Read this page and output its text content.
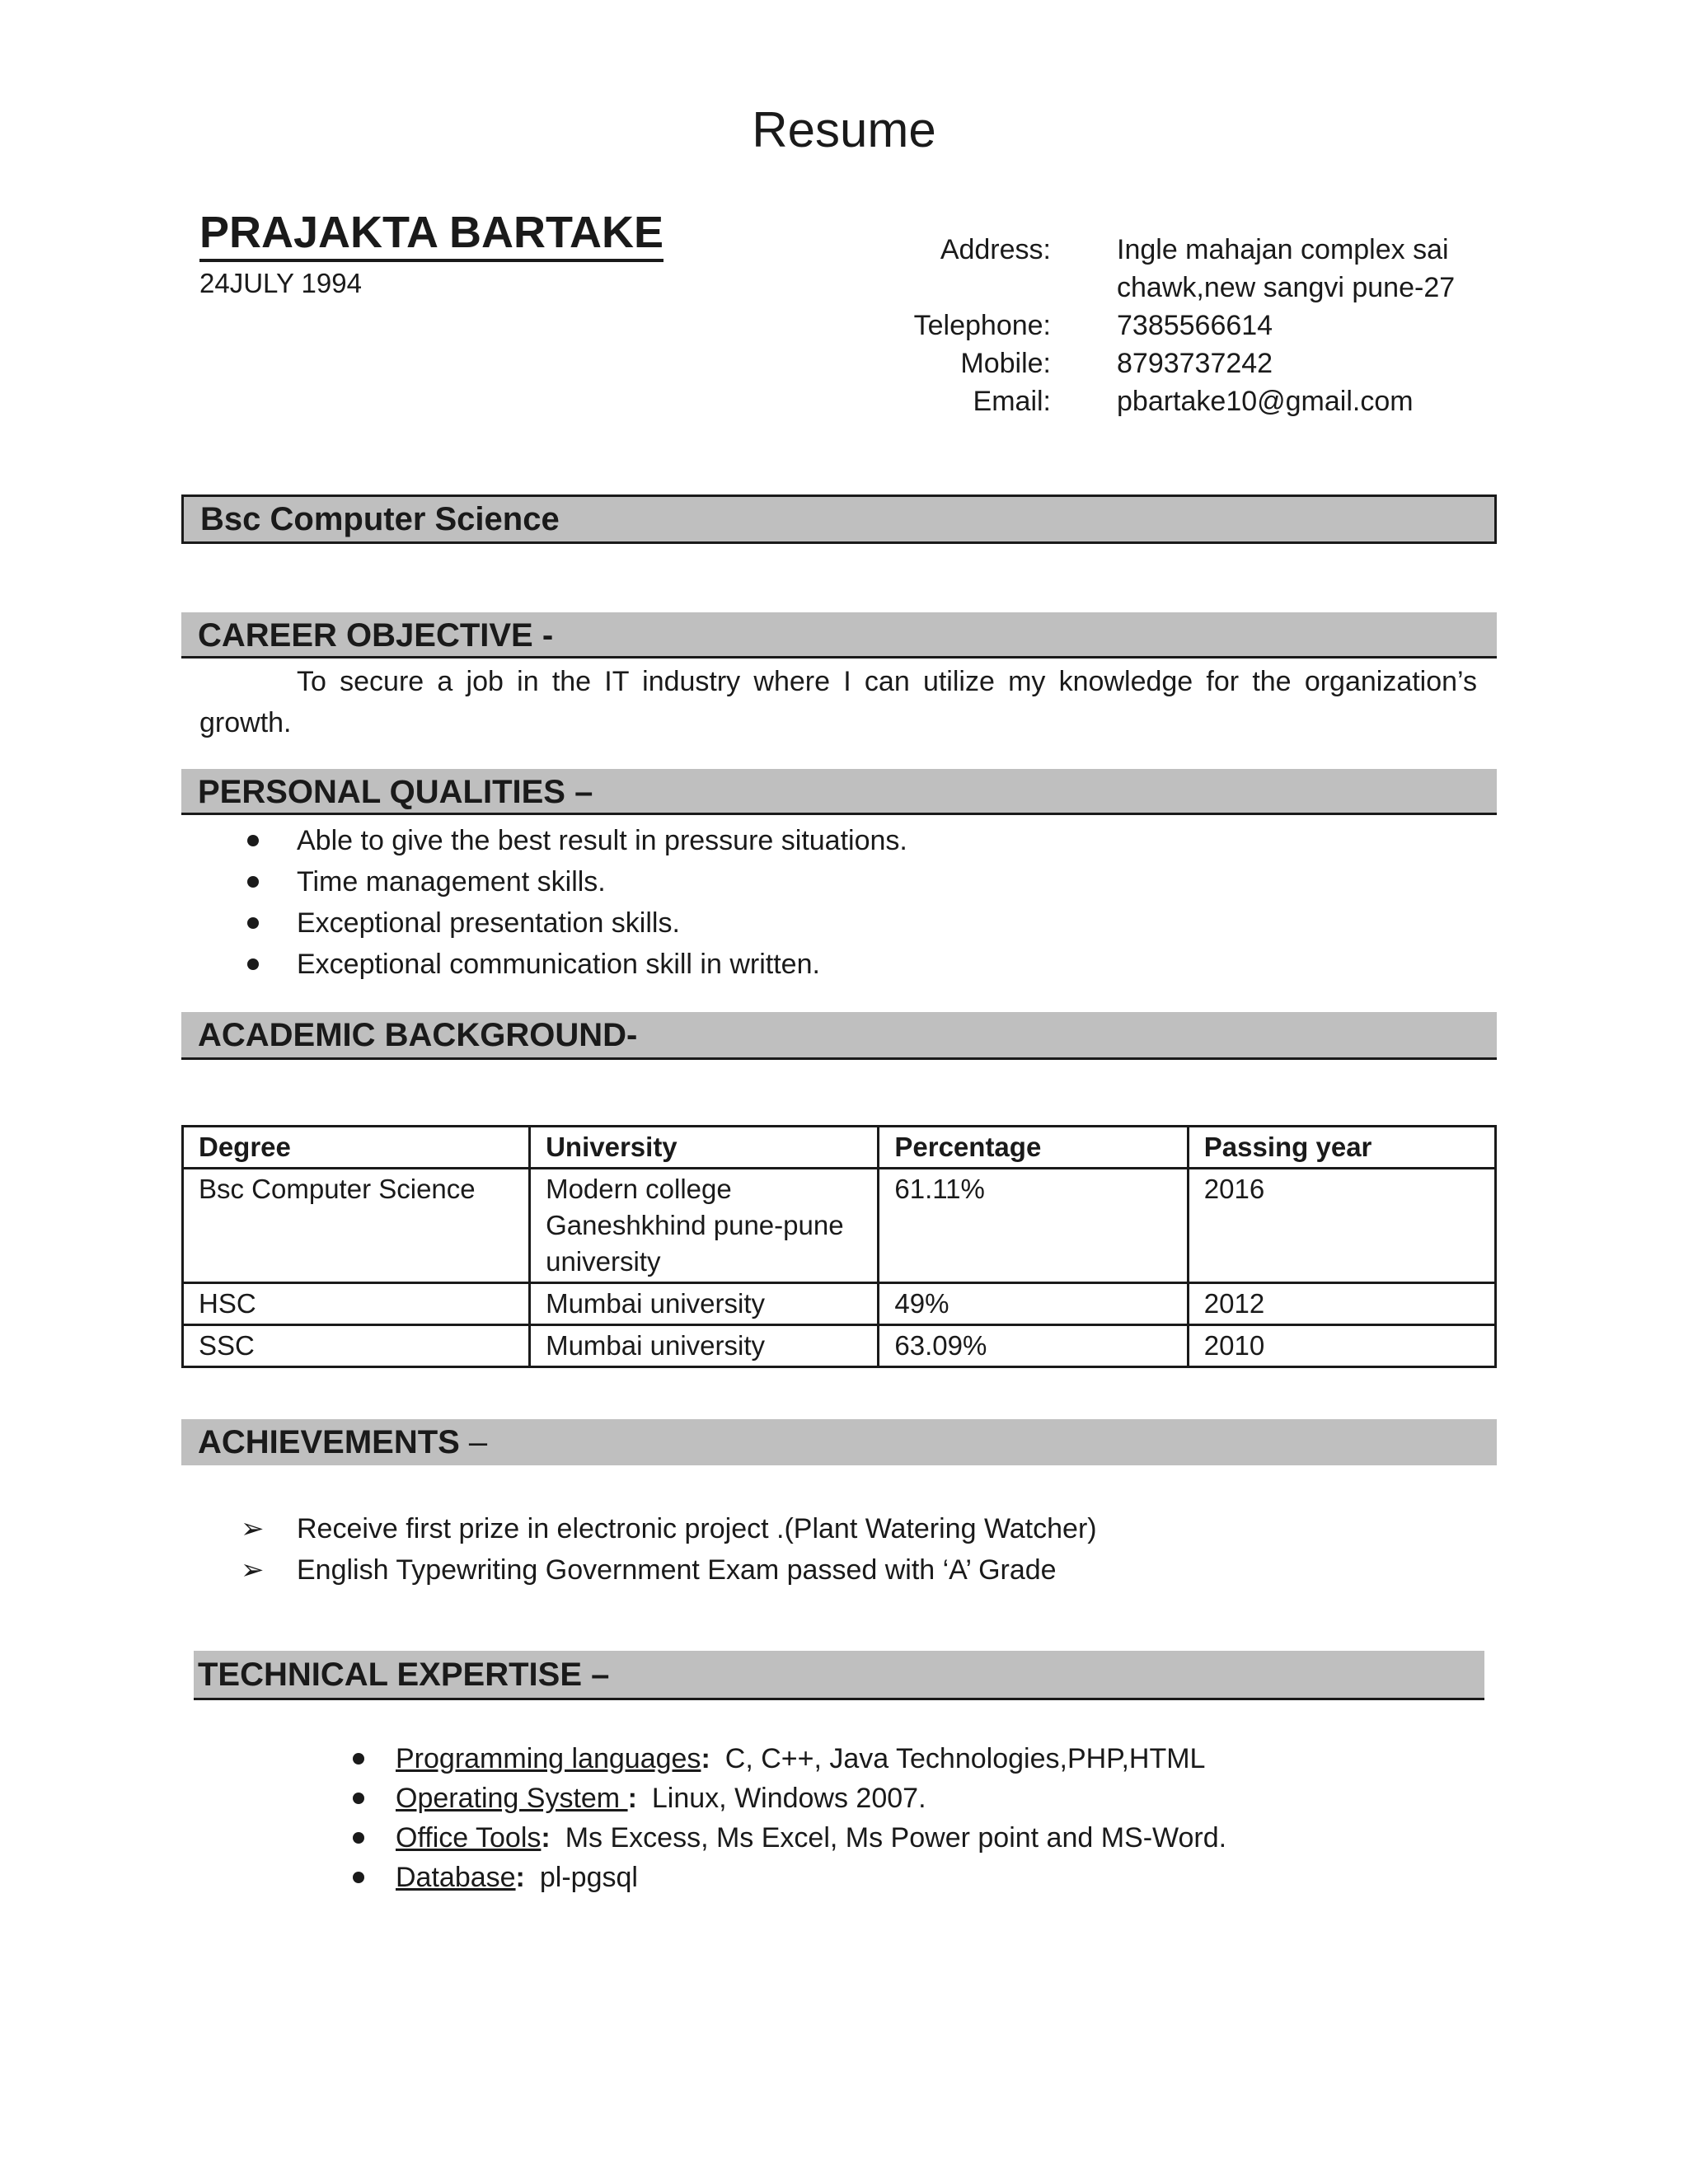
Resume
PRAJAKTA BARTAKE
24JULY 1994
Address: Ingle mahajan complex sai
chawk,new sangvi pune-27
Telephone: 7385566614
Mobile: 8793737242
Email: pbartake10@gmail.com
Bsc Computer Science
CAREER OBJECTIVE -
To secure a job in the IT industry where I can utilize my knowledge for the organization’s growth.
PERSONAL QUALITIES –
Able to give the best result in pressure situations.
Time management skills.
Exceptional presentation skills.
Exceptional communication skill in written.
ACADEMIC BACKGROUND-
Degree	University	Percentage	Passing year
Bsc Computer Science	Modern college Ganeshkhind pune-pune university	61.11%	2016
HSC	Mumbai university	49%	2012
SSC	Mumbai university	63.09%	2010
ACHIEVEMENTS –
➢ Receive first prize in electronic project .(Plant Watering Watcher)
➢ English Typewriting Government Exam passed with ‘A’ Grade
TECHNICAL EXPERTISE –
Programming languages: C, C++, Java Technologies,PHP,HTML
Operating System : Linux, Windows 2007.
Office Tools: Ms Excess, Ms Excel, Ms Power point and MS-Word.
Database: pl-pgsql
